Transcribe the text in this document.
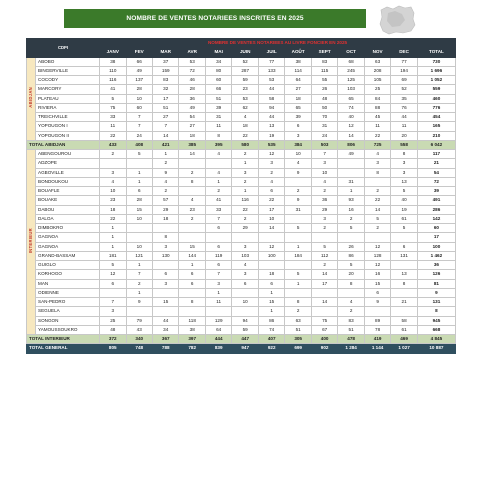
NOMBRE DE VENTES NOTARIEES INSCRITES EN 2025
CDPI		NOMBRE DE VENTES NOTARIEES AU LIVRE FONCIER EN 2025												
		JANV	FEV	MAR	AVR	MAI	JUIN	JUIL	AOÛT	SEPT	OCT	NOV	DEC	TOTAL
ABIDJAN	ABOBO	38	66	37	53	34	52	77	38	83	68	63	77	730
	BINGERVILLE	110	49	159	72	80	287	133	114	115	245	208	194	1 696
	COCODY	116	137	83	46	60	59	53	64	55	125	105	69	1 052
	MARCORY	41	28	32	28	66	23	44	27	26	103	25	52	559
	PLATEAU	5	10	17	36	51	53	58	18	48	65	84	35	460
	RIVIERA	75	60	51	49	39	62	94	65	50	74	88	76	776
	TREICHVILLE	33	7	27	54	31	4	44	39	70	40	45	44	454
	YOPOUGON I	11	7	7	27	11	18	13	6	31	12	11	11	165
	YOPOUGON II	22	24	14	18	8	22	19	3	24	14	22	20	210
TOTAL ABIDJAN		433	408	421	385	395	580	535	384	503	806	725	558	6 042
INTERIEUR	ABENGOUROU	2	5	1	14	4	2	12	10	7	49	4	8	117
	ADZOPE			2			1	3	4	3		3	3	21
	AGBOVILLE	3	1	9	2	4	3	2	9	10		8	3	54
	BONDOUKOU	4	1	4	8	1	2	4		4	31		13	72
	BOUAFLE	10	6	2		2	1	6	2	2	1	2	5	39
	BOUAKE	23	28	57	4	41	116	22	9	36	93	22	40	491
	DABOU	18	15	29	23	33	22	17	31	29	16	14	19	286
	DALOA	22	10	18	2	7	2	10		3	2	5	61	142
	DIMBOKRO	1				6	29	14	5	2	5	2	5	60
	GAGNOA	1		8										17
	GAGNOA	1	10	3	15	6	3	12	1	5	26	12	6	100
	GRAND-BASSAM	181	121	130	144	119	103	100	184	112	86	128	131	1 462
	GUIGLO	5	1		1	6	4			2	5	12		36
	KORHOGO	12	7	6	6	7	3	18	5	14	20	16	13	126
	MAN	6	2	3	6	3	6	6	1	17	8	15	8	81
	ODIENNE		1			1		1				6		9
	SAN-PEDRO	7	9	15	8	11	10	15	8	14	4	9	21	131
	SEGUELA	3						1	2		2			8
	SONGON	25	79	44	118	129	94	86	63	75	83	89	58	945
	YAMOUSSOUKRO	48	43	34	38	64	59	74	51	67	51	78	61	668
TOTAL INTERIEUR		372	340	367	397	444	447	407	305	400	478	419	469	4 845
TOTAL GENERAL		805	748	788	782	839	947	922	699	902	1 284	1 144	1 027	10 887
